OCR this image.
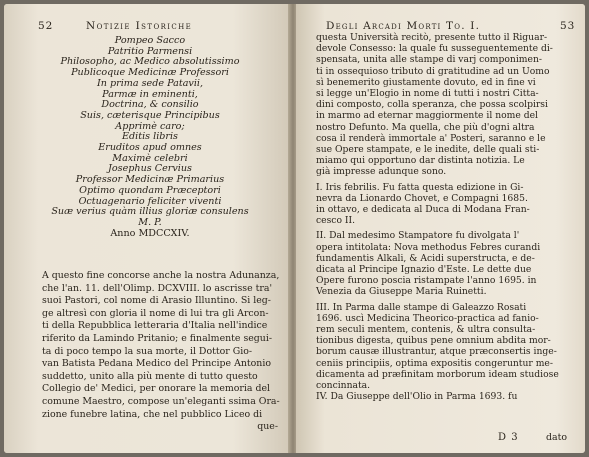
52	Notizie Istoriche
Pompeo Sacco
Patritio Parmensi
Philosopho, ac Medico absolutissimo
Publicoque Medicinæ Professori
In prima sede Patavii,
Parmæ in eminenti,
Doctrina, & consilio
Suis, cæterisque Principibus
Apprimè caro;
Editis libris
Eruditos apud omnes
Maximè celebri
Josephus Cervius
Professor Medicinæ Primarius
Optimo quondam Præceptori
Octuagenario feliciter viventi
Suæ verius quàm illius gloriæ consulens
M. P.
Anno MDCCXIV.
A questo fine concorse anche la nostra Adunanza,
che l'an. 11. dell'Olimp. DCXVIII. lo ascrisse tra'
suoi Pastori, col nome di Arasio Illuntino. Si leg-
ge altresì con gloria il nome di lui tra gli Arcon-
ti della Repubblica letteraria d'Italia nell'indice
riferito da Lamindo Pritanio; e finalmente segui-
ta di poco tempo la sua morte, il Dottor Gio-
van Batista Pedana Medico del Principe Antonio
suddetto, unito alla più mente di tutto questo
Collegio de' Medici, per onorare la memoria del
comune Maestro, compose un'eleganti ssima Ora-
zione funebre latina, che nel pubblico Liceo di
que-
Degli Arcadi Morti To. I.	53
questa Università recitò, presente tutto il Riguar-
devole Consesso: la quale fu susseguentemente di-
spensata, unita alle stampe di varj componimen-
ti in ossequioso tributo di gratitudine ad un Uomo
sì benemerito giustamente dovuto, ed in fine vi
si legge un'Elogio in nome di tutti i nostri Citta-
dini composto, colla speranza, che possa scolpirsi
in marmo ad eternar maggiormente il nome del
nostro Defunto. Ma quella, che più d'ogni altra
cosa il renderà immortale a' Posteri, saranno e le
sue Opere stampate, e le inedite, delle quali sti-
miamo qui opportuno dar distinta notizia. Le
già impresse adunque sono.
I. Iris febrilis. Fu fatta questa edizione in Gi-
nevra da Lionardo Chovet, e Compagni 1685.
in ottavo, e dedicata al Duca di Modana Fran-
cesco II.
II. Dal medesimo Stampatore fu divolgata l'
opera intitolata: Nova methodus Febres curandi
fundamentis Alkali, & Acidi superstructa, e de-
dicata al Principe Ignazio d'Este. Le dette due
Opere furono poscia ristampate l'anno 1695. in
Venezia da Giuseppe Maria Ruinetti.
III. In Parma dalle stampe di Galeazzo Rosati
1696. uscì Medicina Theorico-practica ad fanio-
rem seculi mentem, contenis, & ultra consulta-
tionibus digesta, quibus pene omnium abdita mor-
borum causæ illustrantur, atque præconsertis inge-
ceniis principiis, optima expositis congeruntur me-
dicamenta ad præfinitam morborum ideam studiose
concinnata.
IV. Da Giuseppe dell'Olio in Parma 1693. fu
D 3	dato
